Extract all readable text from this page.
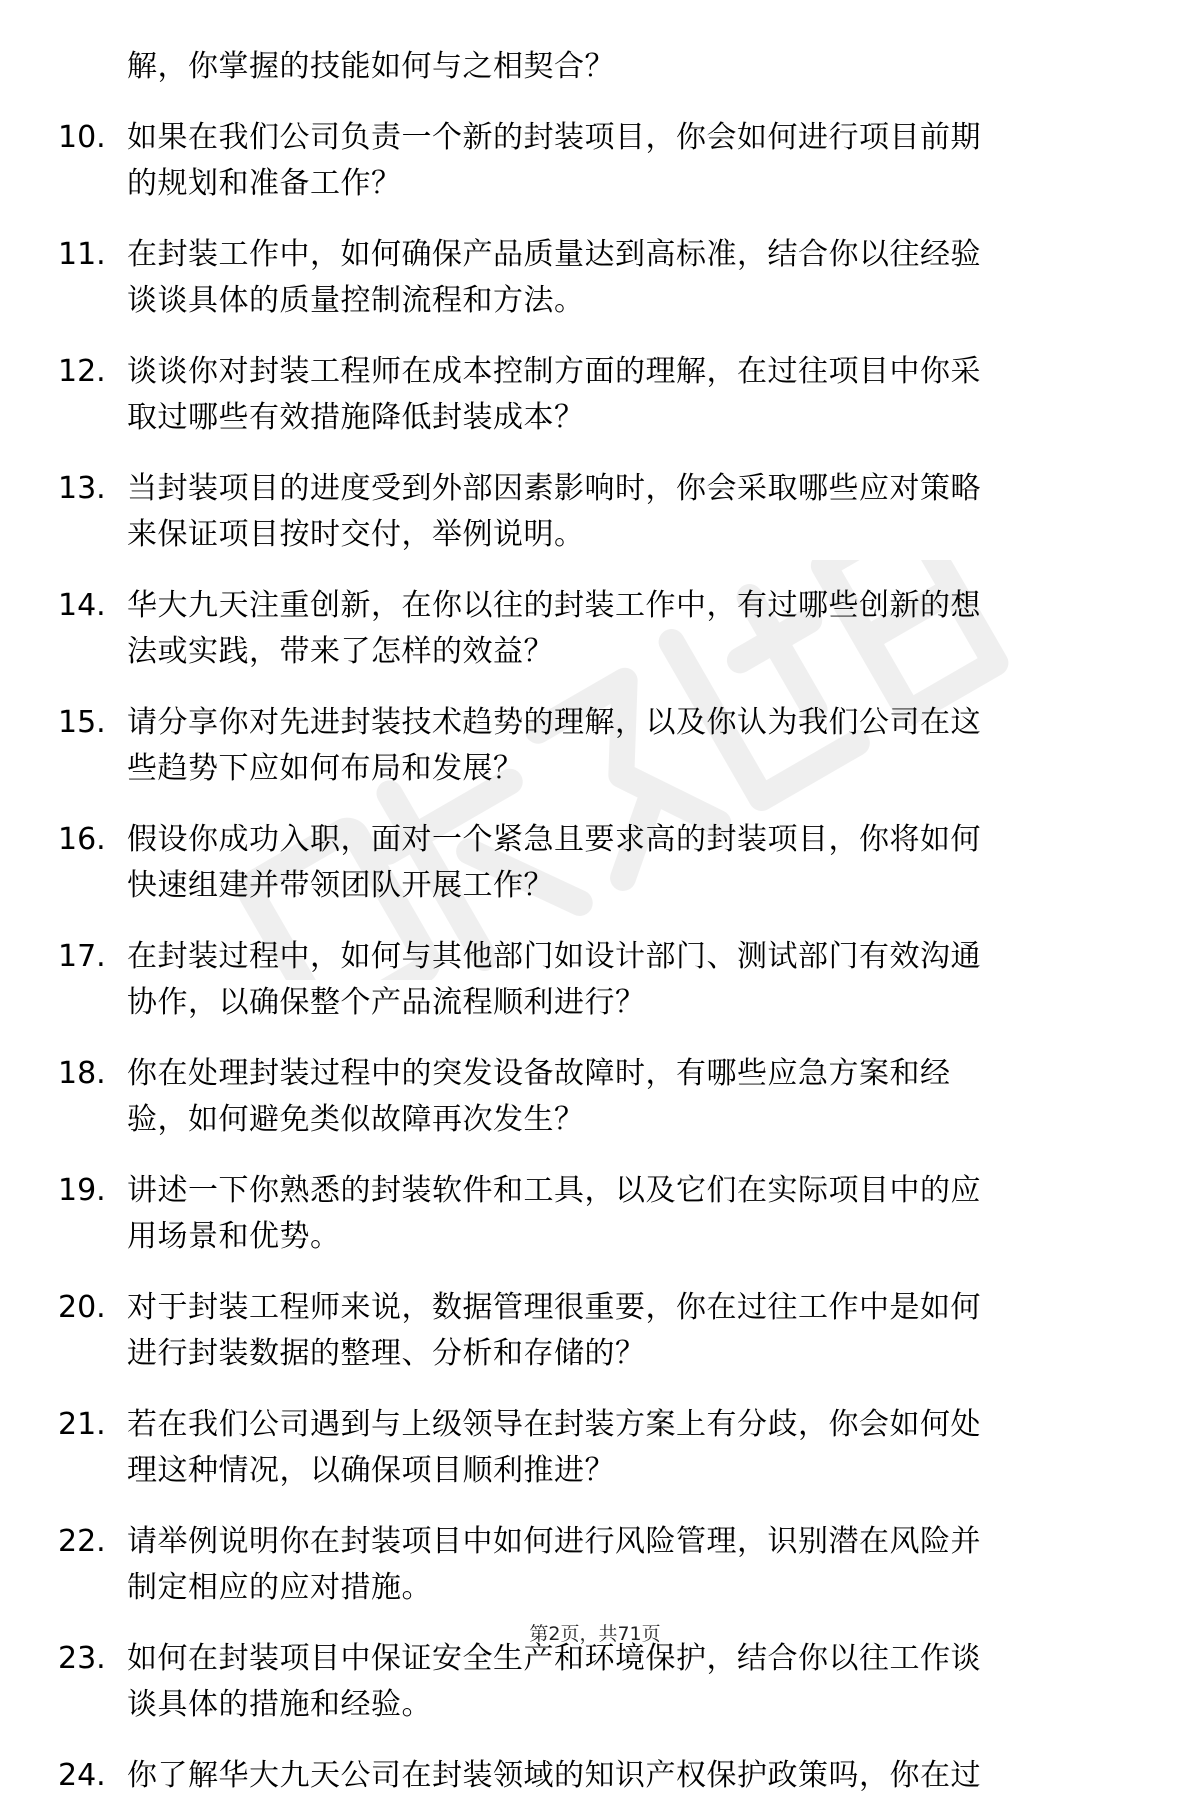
解，你掌握的技能如何与之相契合？
10. 如果在我们公司负责一个新的封装项目，你会如何进行项目前期
的规划和准备工作？
11. 在封装工作中，如何确保产品质量达到高标准，结合你以往经验
谈谈具体的质量控制流程和方法。
12. 谈谈你对封装工程师在成本控制方面的理解，在过往项目中你采
取过哪些有效措施降低封装成本？
13. 当封装项目的进度受到外部因素影响时，你会采取哪些应对策略
来保证项目按时交付，举例说明。
14. 华大九天注重创新，在你以往的封装工作中，有过哪些创新的想
法或实践，带来了怎样的效益？
15. 请分享你对先进封装技术趋势的理解，以及你认为我们公司在这
些趋势下应如何布局和发展？
16. 假设你成功入职，面对一个紧急且要求高的封装项目，你将如何
快速组建并带领团队开展工作？
17. 在封装过程中，如何与其他部门如设计部门、测试部门有效沟通
协作，以确保整个产品流程顺利进行？
18. 你在处理封装过程中的突发设备故障时，有哪些应急方案和经
验，如何避免类似故障再次发生？
19. 讲述一下你熟悉的封装软件和工具，以及它们在实际项目中的应
用场景和优势。
20. 对于封装工程师来说，数据管理很重要，你在过往工作中是如何
进行封装数据的整理、分析和存储的？
21. 若在我们公司遇到与上级领导在封装方案上有分歧，你会如何处
理这种情况，以确保项目顺利推进？
22. 请举例说明你在封装项目中如何进行风险管理，识别潜在风险并
制定相应的应对措施。
23. 如何在封装项目中保证安全生产和环境保护，结合你以往工作谈
谈具体的措施和经验。
24. 你了解华大九天公司在封装领域的知识产权保护政策吗，你在过
第2页，共71页
